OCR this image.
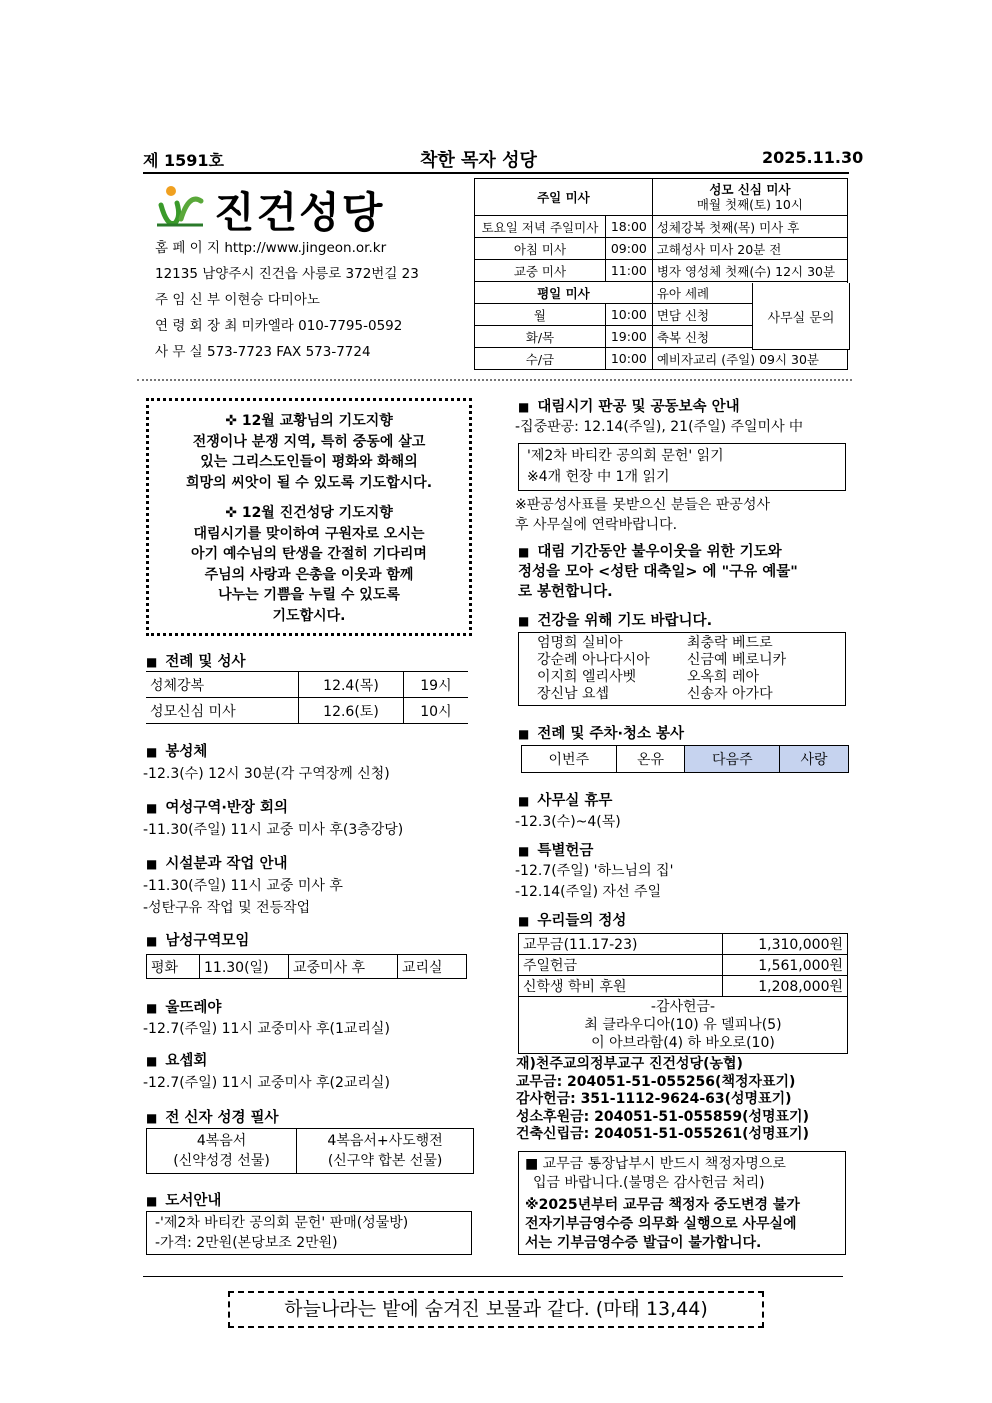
제 1591호	착한 목자 성당	2025.11.30
진건성당
홈 페 이 지 http://www.jingeon.or.kr
12135 남양주시 진건읍 사릉로 372번길 23
주 임 신 부 이현승 다미아노
연 령 회 장 최 미카엘라 010-7795-0592
사 무 실 573-7723 FAX 573-7724
주일 미사		성모 신심 미사
매월 첫째(토) 10시

토요일 저녁 주일미사	18:00	성체강복 첫째(목) 미사 후
아침 미사	09:00	고해성사 미사 20분 전
교중 미사	11:00	병자 영성체 첫째(수) 12시 30분
평일 미사		유아 세례
월	10:00	면담 신청
화/목	19:00	축복 신청
수/금	10:00	예비자교리 (주일) 09시 30분
사무실 문의
✜ 12월 교황님의 기도지향
전쟁이나 분쟁 지역, 특히 중동에 살고
있는 그리스도인들이 평화와 화해의
희망의 씨앗이 될 수 있도록 기도합시다.
✜ 12월 진건성당 기도지향
대림시기를 맞이하여 구원자로 오시는
아기 예수님의 탄생을 간절히 기다리며
주님의 사랑과 은총을 이웃과 함께
나누는 기쁨을 누릴 수 있도록
기도합시다.
■ 전례 및 성사
성체강복	12.4(목)	19시
성모신심 미사	12.6(토)	10시
■ 봉성체
-12.3(수) 12시 30분(각 구역장께 신청)
■ 여성구역·반장 회의
-11.30(주일) 11시 교중 미사 후(3층강당)
■ 시설분과 작업 안내
-11.30(주일) 11시 교중 미사 후
-성탄구유 작업 및 전등작업
■ 남성구역모임
평화	11.30(일)	교중미사 후	교리실
■ 울뜨레야
-12.7(주일) 11시 교중미사 후(1교리실)
■ 요셉회
-12.7(주일) 11시 교중미사 후(2교리실)
■ 전 신자 성경 필사
4복음서
(신약성경 선물)

4복음서+사도행전
(신구약 합본 선물)
■ 도서안내
-'제2차 바티칸 공의회 문헌' 판매(성물방)
-가격: 2만원(본당보조 2만원)
■ 대림시기 판공 및 공동보속 안내
-집중판공: 12.14(주일), 21(주일) 주일미사 中
'제2차 바티칸 공의회 문헌' 읽기
※4개 헌장 中 1개 읽기
※판공성사표를 못받으신 분들은 판공성사
후 사무실에 연락바랍니다.
■ 대림 기간동안 불우이웃을 위한 기도와
정성을 모아 <성탄 대축일> 에 "구유 예물"
로 봉헌합니다.
■ 건강을 위해 기도 바랍니다.
엄명희 실비아	최충락 베드로
강순례 아나다시아	신금예 베로니카
이지희 엘리사벳	오옥희 레아
장신남 요셉	신송자 아가다
■ 전례 및 주차·청소 봉사
이번주	온유	다음주	사랑
■ 사무실 휴무
-12.3(수)~4(목)
■ 특별헌금
-12.7(주일) '하느님의 집'
-12.14(주일) 자선 주일
■ 우리들의 정성
교무금(11.17-23)	1,310,000원
주일헌금	1,561,000원
신학생 학비 후원	1,208,000원

-감사헌금-
최 클라우디아(10) 유 델피나(5)
이 아브라함(4) 하 바오로(10)	
재)천주교의정부교구 진건성당(농협)
교무금: 204051-51-055256(책정자표기)
감사헌금: 351-1112-9624-63(성명표기)
성소후원금: 204051-51-055859(성명표기)
건축신립금: 204051-51-055261(성명표기)
■ 교무금 통장납부시 반드시 책정자명으로
입금 바랍니다.(불명은 감사헌금 처리)
※2025년부터 교무금 책정자 중도변경 불가
전자기부금영수증 의무화 실행으로 사무실에
서는 기부금영수증 발급이 불가합니다.
하늘나라는 밭에 숨겨진 보물과 같다. (마태 13,44)
